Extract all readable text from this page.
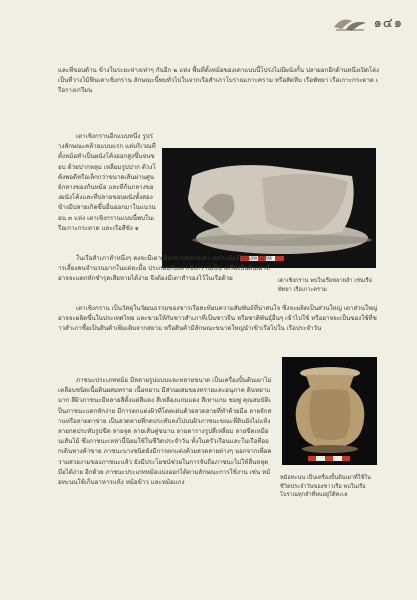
๑๔๑
และที่ขอบด้าน ข้างในระยะห่างเท่าๆ กันอีก ๒ แห่ง พื้นที่ตั้งหม้อของเตาแบบนี้โปร่งไม่มีผนังกั้น ปลายอกอีกด้านหนึ่งเปิดโล่งเป็นที่วางไม้ฟืนเตาเชิงกราน ลักษณะนี้พบทั่วไปในจากเรือสำเภาโบราณเกาะคราม หรือสัตหีบ เรือพัทยา เรือเกาะกระดาด เรือรางเกวียน
เตาเชิงกรานอีกแบบหนึ่ง รูปร่างลักษณะคล้ายแบบแรก แต่บริเวณที่ตั้งหม้อทำเป็นผนังโค้งออกสูงขึ้นจนขอบ ด้วยปากหลุม เหลี่ยมรูปปาก ด้วงโค้งพอดีหรือเล็กกว่าขนาดเส้นผ่านศูนย์กลางของก้นหม้อ และที่ก้นกลางของผนังโค้งและที่ปลายขอบผนังทั้งสองข้างมีปลายเกิดขึ้นยื่นออกมาในแนวนอน ๓ แห่ง เตาเชิงกรานแบบนี้พบในเรือเกาะกระดาด และเรือสีชัง ๑
เตาเชิงกราน พบในเรือหลายลำ เช่นเรือพัทยา เรือเกาะคราม
ในเรือสำเภาลำหนึ่งๆ คงจะมีเตาเชิงกรานหลายเตา เพราะต้องใช้หุงหาอาหารเลี้ยงคนจำนวนมากในแต่ละมื้อ ประกอบกับเตาเชิงกรานเป็น เครื่องปั้นดินเผาที่อาจจะแตกหักชำรุดเสียหายได้ง่าย จึงต้องมีเตาสำรองไว้ในเรือด้วย
เตาเชิงกราน เป็นวัสดุในวัฒนธรรมของชาวเรือสะท้อนความสัมพันธ์ที่น่าสนใจ ซึ่งจะผลิตเป็นส่วนใหญ่ เตาส่วนใหญ่อาจจะผลิตขึ้นในประเทศไทย และขายให้กับชาวสำเภาที่เป็นชาวจีน หรือชาติพันธุ์อื่นๆ เข้าไปใช้ หรืออาจจะเป็นของใช้ที่ชาวสำเภาซื้อเป็นสินค้าเพิ่มเติมจากสยาม หรือสินค้ามีลักษณะขนาดใหญ่นำเข้าเรือไปใน เรือประจำวัน
ภาชนะประเภทหม้อ มีหลายรูปแบบและหลายขนาด เป็นเครื่องปั้นดินเผาไม่เคลือบชนิดเนื้อดินผสมทราย เนื้อหยาบ มีส่วนผสมของทรายและอนุภาค ดินหยาบมาก สีผิวภาชนะมีหลายสีตั้งแต่สีแดง สีเหลืองแกมแดง สีเทาแกม ชมพู คุณสมบัติเป็นภาชนะแตกหักง่าย มีการตกแต่งผิวที่โดดเด่นด้วยลวดลายที่ทำด้วยมือ ลายจักสานหรือลายตาข่าย เป็นลวดลายที่กดประทับลงไปบนผิวภาชนะขณะที่ดินยังไม่แห้ง ลายกดประทับรูปขีด ลายจุด ลายเส้นคู่ขนาน ลายตารางรูปสี่เหลี่ยม ลายขีดเหมือนเส้นไม้ ซึ่งภาชนะเหล่านี้นิยมใช้ในชีวิตประจำวัน ทั้งในครัวเรือนและในเรือที่ออกเดินทางค้าขาย ภาชนะบางชนิดยังมีการตกแต่งด้วยลวดลายต่างๆ นอกจากเพื่อความสวยงามของภาชนะแล้ว ยังมีประโยชน์ช่วยในการจับถือภาชนะไม่ให้ลื่นหลุดมือได้ง่าย อีกด้วย ภาชนะประเภทหม้อแบ่งออกได้ตามลักษณะการใช้งาน เช่น หม้อทะนนใช้เก็บอาหารแห้ง หม้อข้าว และหม้อแกง
หม้อทะนน เป็นเครื่องปั้นดินเผาที่ใช้ในชีวิตประจำวันของชาวเรือ พบในเรือโบราณทุกลำที่พบอยู่ใต้ทะเล
